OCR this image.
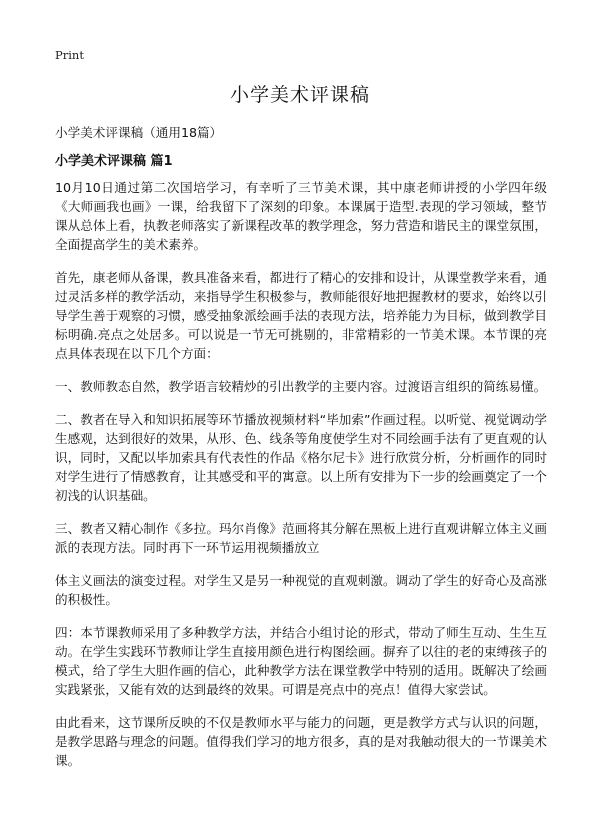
Print
小学美术评课稿
小学美术评课稿（通用18篇）
小学美术评课稿 篇1

10月10日通过第二次国培学习，有幸听了三节美术课，其中康老师讲授的小学四年级《大师画我也画》一课，给我留下了深刻的印象。本课属于造型.表现的学习领域，整节课从总体上看，执教老师落实了新课程改革的教学理念，努力营造和谐民主的课堂氛围，全面提高学生的美术素养。

首先，康老师从备课，教具准备来看，都进行了精心的安排和设计，从课堂教学来看，通过灵活多样的教学活动，来指导学生积极参与，教师能很好地把握教材的要求，始终以引导学生善于观察的习惯，感受抽象派绘画手法的表现方法，培养能力为目标，做到教学目标明确.亮点之处居多。可以说是一节无可挑剔的，非常精彩的一节美术课。本节课的亮点具体表现在以下几个方面：

一、教师教态自然，教学语言较精炒的引出教学的主要内容。过渡语言组织的简练易懂。

二、教者在导入和知识拓展等环节播放视频材料“毕加索”作画过程。以听觉、视觉调动学生感观，达到很好的效果，从形、色、线条等角度使学生对不同绘画手法有了更直观的认识，同时，又配以毕加索具有代表性的作品《格尔尼卡》进行欣赏分析，分析画作的同时对学生进行了情感教育，让其感受和平的寓意。以上所有安排为下一步的绘画奠定了一个初浅的认识基础。

三、教者又精心制作《多拉。玛尔肖像》范画将其分解在黑板上进行直观讲解立体主义画派的表现方法。同时再下一环节运用视频播放立

体主义画法的演变过程。对学生又是另一种视觉的直观刺激。调动了学生的好奇心及高涨的积极性。

四：本节课教师采用了多种教学方法，并结合小组讨论的形式，带动了师生互动、生生互动。在学生实践环节教师让学生直接用颜色进行构图绘画。摒弃了以往的老的束缚孩子的模式，给了学生大胆作画的信心，此种教学方法在课堂教学中特别的适用。既解决了绘画实践紧张，又能有效的达到最终的效果。可谓是亮点中的亮点！值得大家尝试。

由此看来，这节课所反映的不仅是教师水平与能力的问题，更是教学方式与认识的问题，是教学思路与理念的问题。值得我们学习的地方很多，真的是对我触动很大的一节课美术课。
